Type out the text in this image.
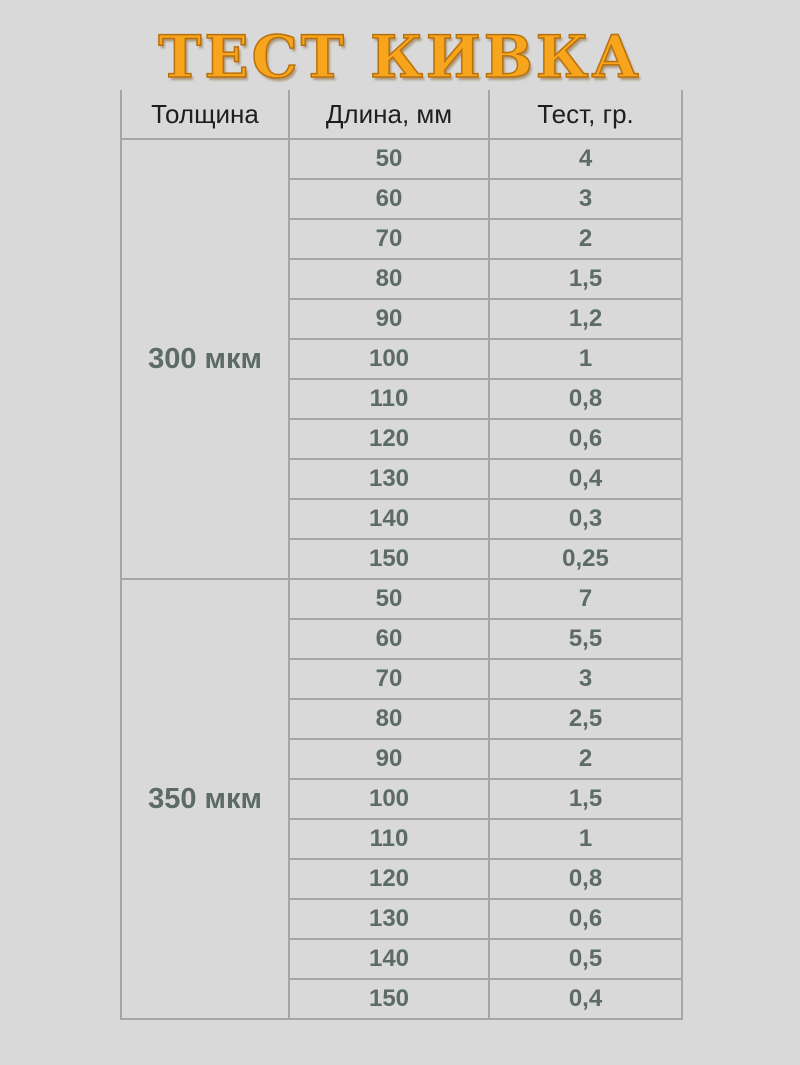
ТЕСТ КИВКА
Толщина	Длина, мм	Тест, гр.
300 мкм	50	4
	60	3
	70	2
	80	1,5
	90	1,2
	100	1
	110	0,8
	120	0,6
	130	0,4
	140	0,3
	150	0,25
350 мкм	50	7
	60	5,5
	70	3
	80	2,5
	90	2
	100	1,5
	110	1
	120	0,8
	130	0,6
	140	0,5
	150	0,4
